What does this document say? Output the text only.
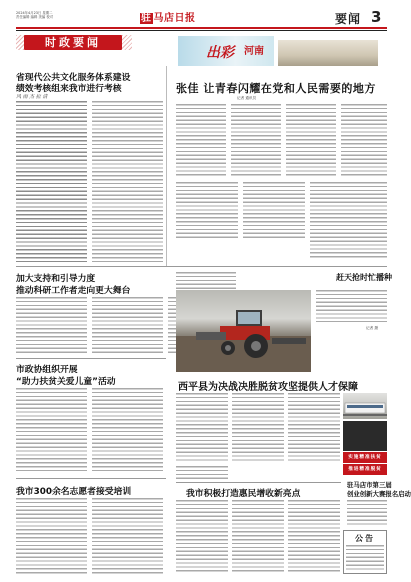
2024年4月23日 星期二
责任编辑 编辑 美编 校对	驻 马店日报	要闻 3
时政要闻
出彩 河南
省现代公共文化服务体系建设
绩效考核组来我市进行考核
风 雨 杰 拉 清
张佳 让青春闪耀在党和人民需要的地方
记者 通讯员
加大支持和引导力度
推动科研工作者走向更大舞台
赶天抢时忙播种
记者 摄
市政协组织开展
“助力扶贫关爱儿童”活动	西平县为决战决胜脱贫攻坚提供人才保障
实施精准扶贫
推进精准脱贫
我市积极打造惠民增收新亮点
我市300余名志愿者接受培训
驻马店市第三届
创业创新大赛报名启动
公告
